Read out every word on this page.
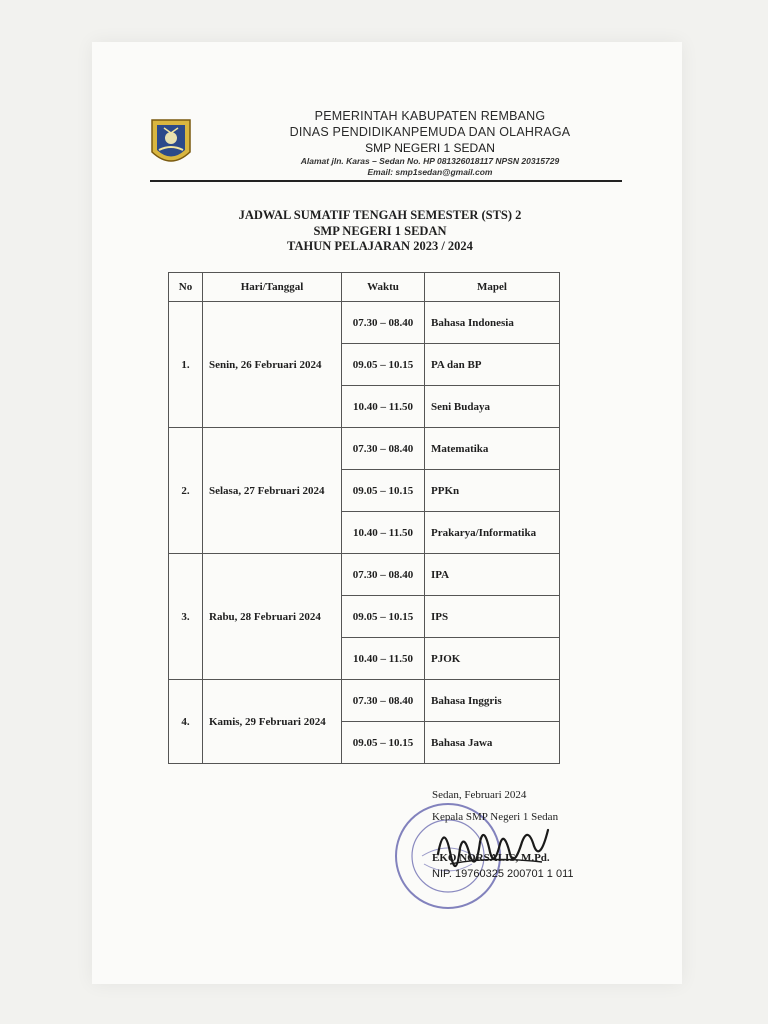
PEMERINTAH KABUPATEN REMBANG
DINAS PENDIDIKANPEMUDA DAN OLAHRAGA
SMP NEGERI 1 SEDAN
Alamat jln. Karas – Sedan No. HP 081326018117 NPSN 20315729
Email: smp1sedan@gmail.com
JADWAL SUMATIF TENGAH SEMESTER (STS) 2
SMP NEGERI 1 SEDAN
TAHUN PELAJARAN 2023 / 2024
No	Hari/Tanggal	Waktu	Mapel
1.	Senin, 26 Februari 2024	07.30 – 08.40	Bahasa Indonesia
		09.05 – 10.15	PA dan BP
		10.40 – 11.50	Seni Budaya
2.	Selasa, 27 Februari 2024	07.30 – 08.40	Matematika
		09.05 – 10.15	PPKn
		10.40 – 11.50	Prakarya/Informatika
3.	Rabu, 28 Februari 2024	07.30 – 08.40	IPA
		09.05 – 10.15	IPS
		10.40 – 11.50	PJOK
4.	Kamis, 29 Februari 2024	07.30 – 08.40	Bahasa Inggris
		09.05 – 10.15	Bahasa Jawa
Sedan, Februari 2024
Kepala SMP Negeri 1 Sedan
EKO NORSALIS, M.Pd.
NIP. 19760325 200701 1 011
